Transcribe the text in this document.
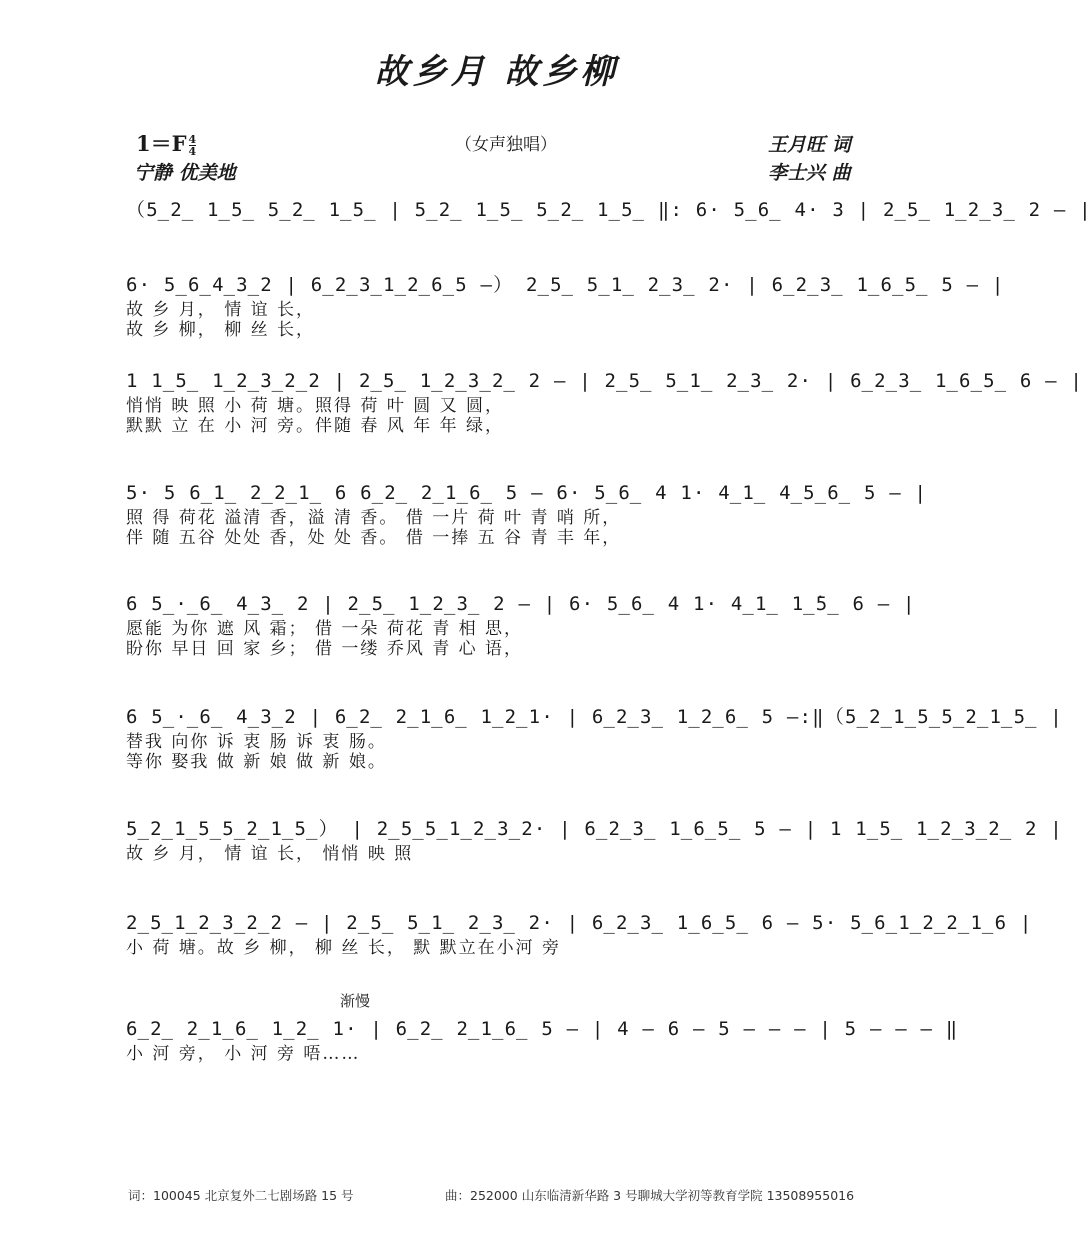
故乡月 故乡柳
$1=F \frac{4}{4}$	（女声独唱）	王月旺 词
宁静 优美地	李士兴 曲
（5̲2̲ 1̲5̲ 5̲2̲ 1̲5̲ | 5̲2̲ 1̲5̲ 5̲2̲ 1̲5̲ ‖: 6· 5̲6̲ 4· 3 | 2̲5̲ 1̲2̲3̲ 2 — |
6· 5̲6̲4̲3̲2 | 6̲2̲3̲1̲2̲6̲5 —） 2̲5̲ 5̲1̲ 2̲3̲ 2· | 6̲2̲3̲ 1̲6̲5̲ 5 — |
故 乡 月， 情 谊 长，
故 乡 柳， 柳 丝 长，
1 1̲5̲ 1̲2̲3̲2̲2 | 2̲5̲ 1̲2̲3̲2̲ 2 — | 2̲5̲ 5̲1̲ 2̲3̲ 2· | 6̲2̲3̲ 1̲6̲5̲ 6 — |
悄悄 映 照 小 荷 塘。照得 荷 叶 圆 又 圆，
默默 立 在 小 河 旁。伴随 春 风 年 年 绿，
5· 5 6̲1̲ 2̲2̲1̲ 6 6̲2̲ 2̲1̲6̲ 5 — 6· 5̲6̲ 4 1· 4̲1̲ 4̲5̲6̲ 5 — |
照 得 荷花 溢清 香，溢 清 香。 借 一片 荷 叶 青 哨 所，
伴 随 五谷 处处 香，处 处 香。 借 一捧 五 谷 青 丰 年，
6 5̲·̲6̲ 4̲3̲ 2 | 2̲5̲ 1̲2̲3̲ 2 — | 6· 5̲6̲ 4 1· 4̲1̲ 1̲̇5̲ 6 — |
愿能 为你 遮 风 霜； 借 一朵 荷花 青 相 思，
盼你 早日 回 家 乡； 借 一缕 乔风 青 心 语，
6 5̲·̲6̲ 4̲3̲2 | 6̲2̲ 2̲1̲6̲ 1̲2̲1· | 6̲2̲3̲ 1̲2̲6̲ 5 —:‖（5̲2̲1̲5̲5̲2̲1̲5̲ |
替我 向你 诉 衷 肠 诉 衷 肠。
等你 娶我 做 新 娘 做 新 娘。
5̲2̲1̲5̲5̲2̲1̲5̲） | 2̲5̲5̲1̲2̲3̲2· | 6̲2̲3̲ 1̲6̲5̲ 5 — | 1 1̲5̲ 1̲2̲3̲2̲ 2 |
故 乡 月， 情 谊 长， 悄悄 映 照
2̲5̲1̲2̲3̲2̲2 — | 2̲5̲ 5̲1̲ 2̲3̲ 2· | 6̲2̲3̲ 1̲6̲5̲ 6 — 5· 5̲6̲1̲2̲2̲1̲6 |
小 荷 塘。故 乡 柳， 柳 丝 长， 默 默立在小河 旁
渐慢
6̲2̲ 2̲1̲6̲ 1̲2̲ 1· | 6̲2̲ 2̲1̲6̲ 5 — | 4 — 6 — 5 — — — | 5 — — — ‖
小 河 旁， 小 河 旁 唔……
词：100045 北京复外二七剧场路 15 号	曲：252000 山东临清新华路 3 号聊城大学初等教育学院 13508955016
